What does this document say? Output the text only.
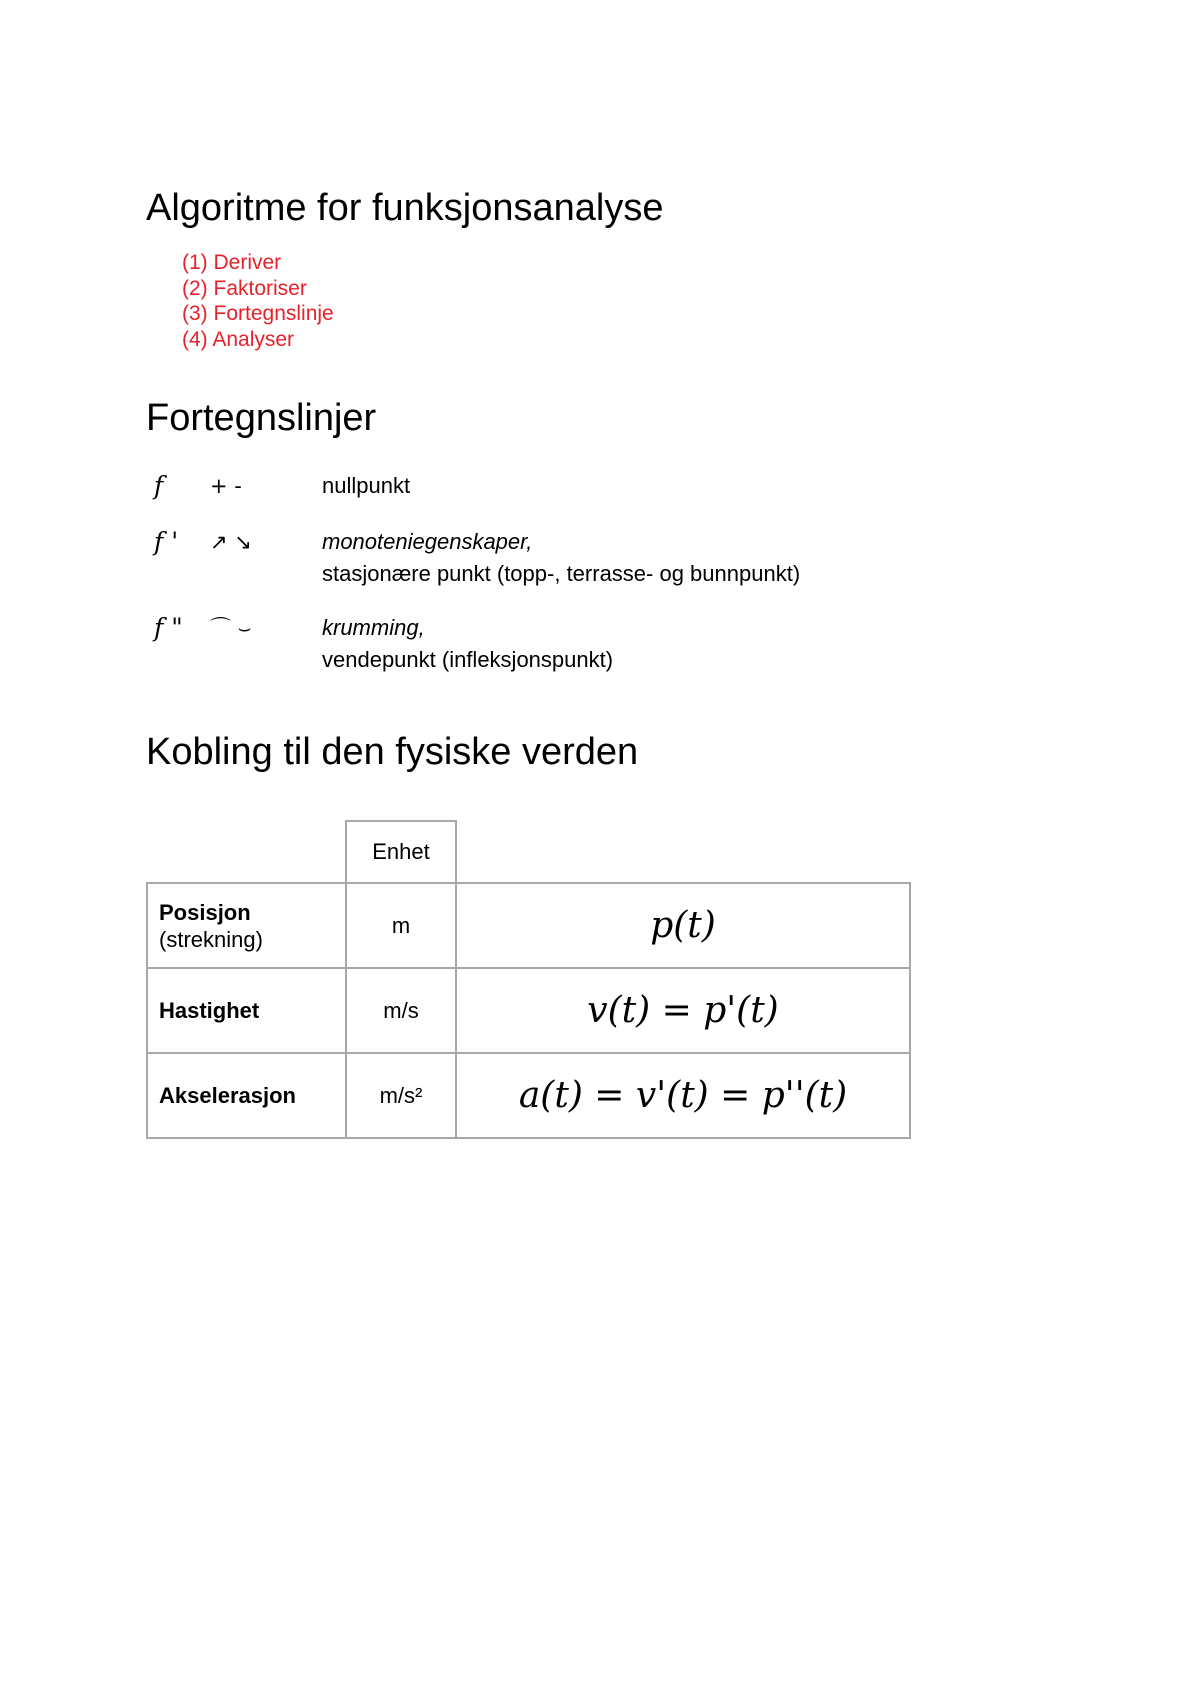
Algoritme for funksjonsanalyse
(1) Deriver
(2) Faktoriser
(3) Fortegnslinje
(4) Analyser
Fortegnslinjer
f + -	nullpunkt
f ' ↗ ↘	monoteniegenskaper,
stasjonære punkt (topp-, terrasse- og bunnpunkt)
f " ⌒ ⌣	krumming,
vendepunkt (infleksjonspunkt)
Kobling til den fysiske verden
	Enhet	

Posisjon
(strekning)	m	p(t)

Hastighet	m/s	v(t) = p'(t)

Akselerasjon	m/s²	a(t) = v'(t) = p''(t)
